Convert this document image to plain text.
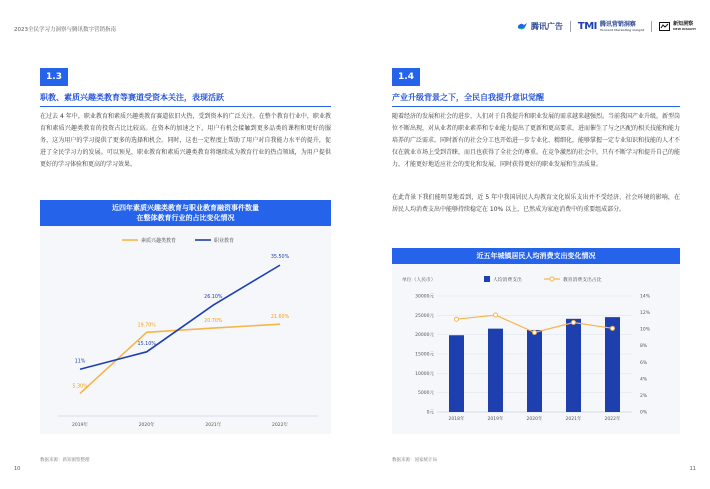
2023全民学习力洞察与腾讯数字营销指南	腾讯广告 TMI 腾讯营销洞察
Tencent Marketing Insight
新知洞察
NEW INSIGHT
1.3
职教、素质兴趣类教育等赛道受资本关注，表现活跃
在过去 4 年中，职业教育和素质兴趣类教育赛道依旧火热，受到资本的广泛关注。在整个教育行业中，职业教育和素质兴趣类教育的投资占比比较高。在资本的加速之下，用户有机会接触到更多品类的课程和更好的服务，这为用户的学习提供了更多的选择和机会。同时，这也一定程度上帮助了用户对自我能力水平的提升，促进了全民学习力的发展。可以预见，职业教育和素质兴趣类教育将继续成为教育行业的热点领域，为用户提供更好的学习体验和更高的学习效果。
近四年素质兴趣类教育与职业教育融资事件数量
在整体教育行业的占比变化情况
素质兴趣类教育	职业教育
2019年	2020年	2021年	2022年
5.30%
19.70%
20.70%
21.60%
11%
15.10%
26.10%
35.50%
数据来源：新知洞察整理
10
1.4
产业升级背景之下，全民自我提升意识觉醒
随着经济的发展和社会的进步，人们对于自我提升和职业发展的需求越来越强烈。当前我国产业升级，新型岗位不断出现，对从业者的职业素养和专业能力提出了更新和更高要求，进而催生了与之匹配的相关技能和能力培养的广泛需求。同时新有的社会分工也开始进一步专业化、精细化，能够掌握一定专业知识和技能的人才不仅在就业市场上受到青睐，而且也获得了全社会的尊重。在竞争激烈的社会中，只有不断学习和提升自己的能力，才能更好地适应社会的变化和发展，同时获得更好的职业发展和生活质量。
在此背景下我们能明显地看到，近 5 年中我国居民人均教育文化娱乐支出并不受经济、社会环境的影响，在居民人均消费支出中能够持续稳定在 10% 以上，已然成为家庭消费中的重要组成部分。
近五年城镇居民人均消费支出变化情况
单位（人民币）	人均消费支出	教育消费支出占比
0元
5000元
10000元
15000元
20000元
25000元
30000元
0%
2%
4%
6%
8%
10%
12%
14%
2018年	2019年	2020年	2021年	2022年
数据来源：国家统计局
11
